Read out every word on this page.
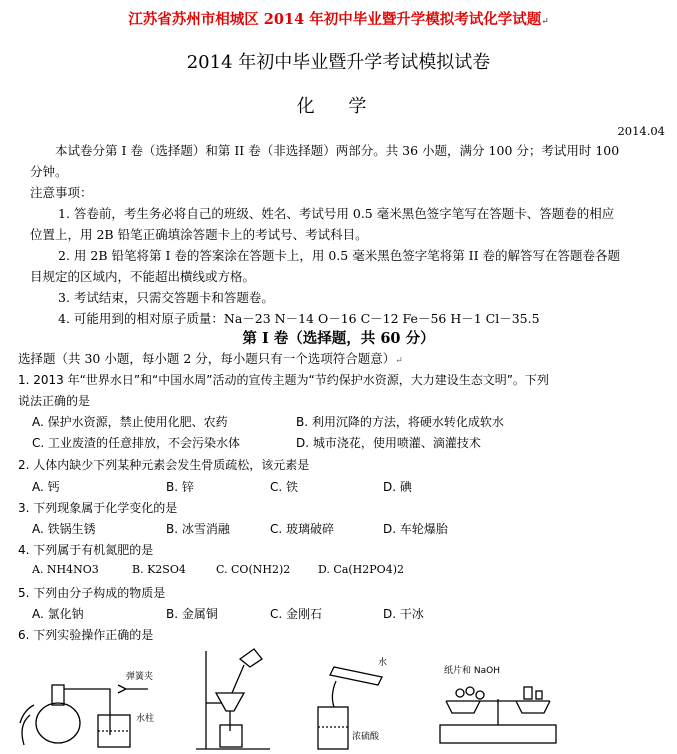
江苏省苏州市相城区 2014 年初中毕业暨升学模拟考试化学试题↵
2014 年初中毕业暨升学考试模拟试卷
化 学
2014.04
本试卷分第 I 卷（选择题）和第 II 卷（非选择题）两部分。共 36 小题，满分 100 分；考试用时 100
分钟。
注意事项：
1. 答卷前，考生务必将自己的班级、姓名、考试号用 0.5 毫米黑色签字笔写在答题卡、答题卷的相应
位置上，用 2B 铅笔正确填涂答题卡上的考试号、考试科目。
2. 用 2B 铅笔将第 I 卷的答案涂在答题卡上，用 0.5 毫米黑色签字笔将第 II 卷的解答写在答题卷各题
目规定的区域内，不能超出横线或方格。
3. 考试结束，只需交答题卡和答题卷。
4. 可能用到的相对原子质量：Na－23 N－14 O－16 C－12 Fe－56 H－1 Cl－35.5
第 I 卷（选择题，共 60 分）
选择题（共 30 小题，每小题 2 分，每小题只有一个选项符合题意）↵
1. 2013 年“世界水日”和“中国水周”活动的宣传主题为“节约保护水资源，大力建设生态文明”。下列
说法正确的是
A. 保护水资源，禁止使用化肥、农药	B. 利用沉降的方法，将硬水转化成软水
C. 工业废渣的任意排放，不会污染水体	D. 城市浇花，使用喷灌、滴灌技术
2. 人体内缺少下列某种元素会发生骨质疏松，该元素是
A. 钙	B. 锌	C. 铁	D. 碘
3. 下列现象属于化学变化的是
A. 铁锅生锈	B. 冰雪消融	C. 玻璃破碎	D. 车轮爆胎
4. 下列属于有机氮肥的是
A. NH4NO3	B. K2SO4	C. CO(NH2)2	D. Ca(H2PO4)2
5. 下列由分子构成的物质是
A. 氯化钠	B. 金属铜	C. 金刚石	D. 干冰
6. 下列实验操作正确的是
弹簧夹
水柱
水
浓硫酸
纸片和 NaOH
